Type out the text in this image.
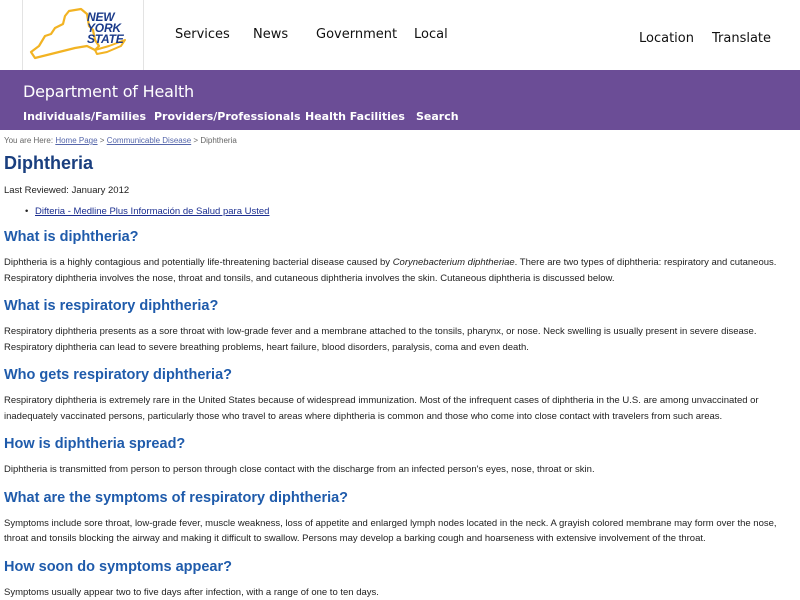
NEW
YORK
STATE	Services News Government Local	Location Translate
Department of Health
Individuals/Families Providers/Professionals Health Facilities Search
You are Here: Home Page > Communicable Disease > Diphtheria
Diphtheria
Last Reviewed: January 2012
• Difteria - Medline Plus Información de Salud para Usted
What is diphtheria?

Diphtheria is a highly contagious and potentially life-threatening bacterial disease caused by Corynebacterium diphtheriae. There are two types of diphtheria: respiratory and cutaneous. Respiratory diphtheria involves the nose, throat and tonsils, and cutaneous diphtheria involves the skin. Cutaneous diphtheria is discussed below.

What is respiratory diphtheria?

Respiratory diphtheria presents as a sore throat with low-grade fever and a membrane attached to the tonsils, pharynx, or nose. Neck swelling is usually present in severe disease. Respiratory diphtheria can lead to severe breathing problems, heart failure, blood disorders, paralysis, coma and even death.

Who gets respiratory diphtheria?

Respiratory diphtheria is extremely rare in the United States because of widespread immunization. Most of the infrequent cases of diphtheria in the U.S. are among unvaccinated or inadequately vaccinated persons, particularly those who travel to areas where diphtheria is common and those who come into close contact with travelers from such areas.

How is diphtheria spread?

Diphtheria is transmitted from person to person through close contact with the discharge from an infected person's eyes, nose, throat or skin.

What are the symptoms of respiratory diphtheria?

Symptoms include sore throat, low-grade fever, muscle weakness, loss of appetite and enlarged lymph nodes located in the neck. A grayish colored membrane may form over the nose, throat and tonsils blocking the airway and making it difficult to swallow. Persons may develop a barking cough and hoarseness with extensive involvement of the throat.

How soon do symptoms appear?

Symptoms usually appear two to five days after infection, with a range of one to ten days.
